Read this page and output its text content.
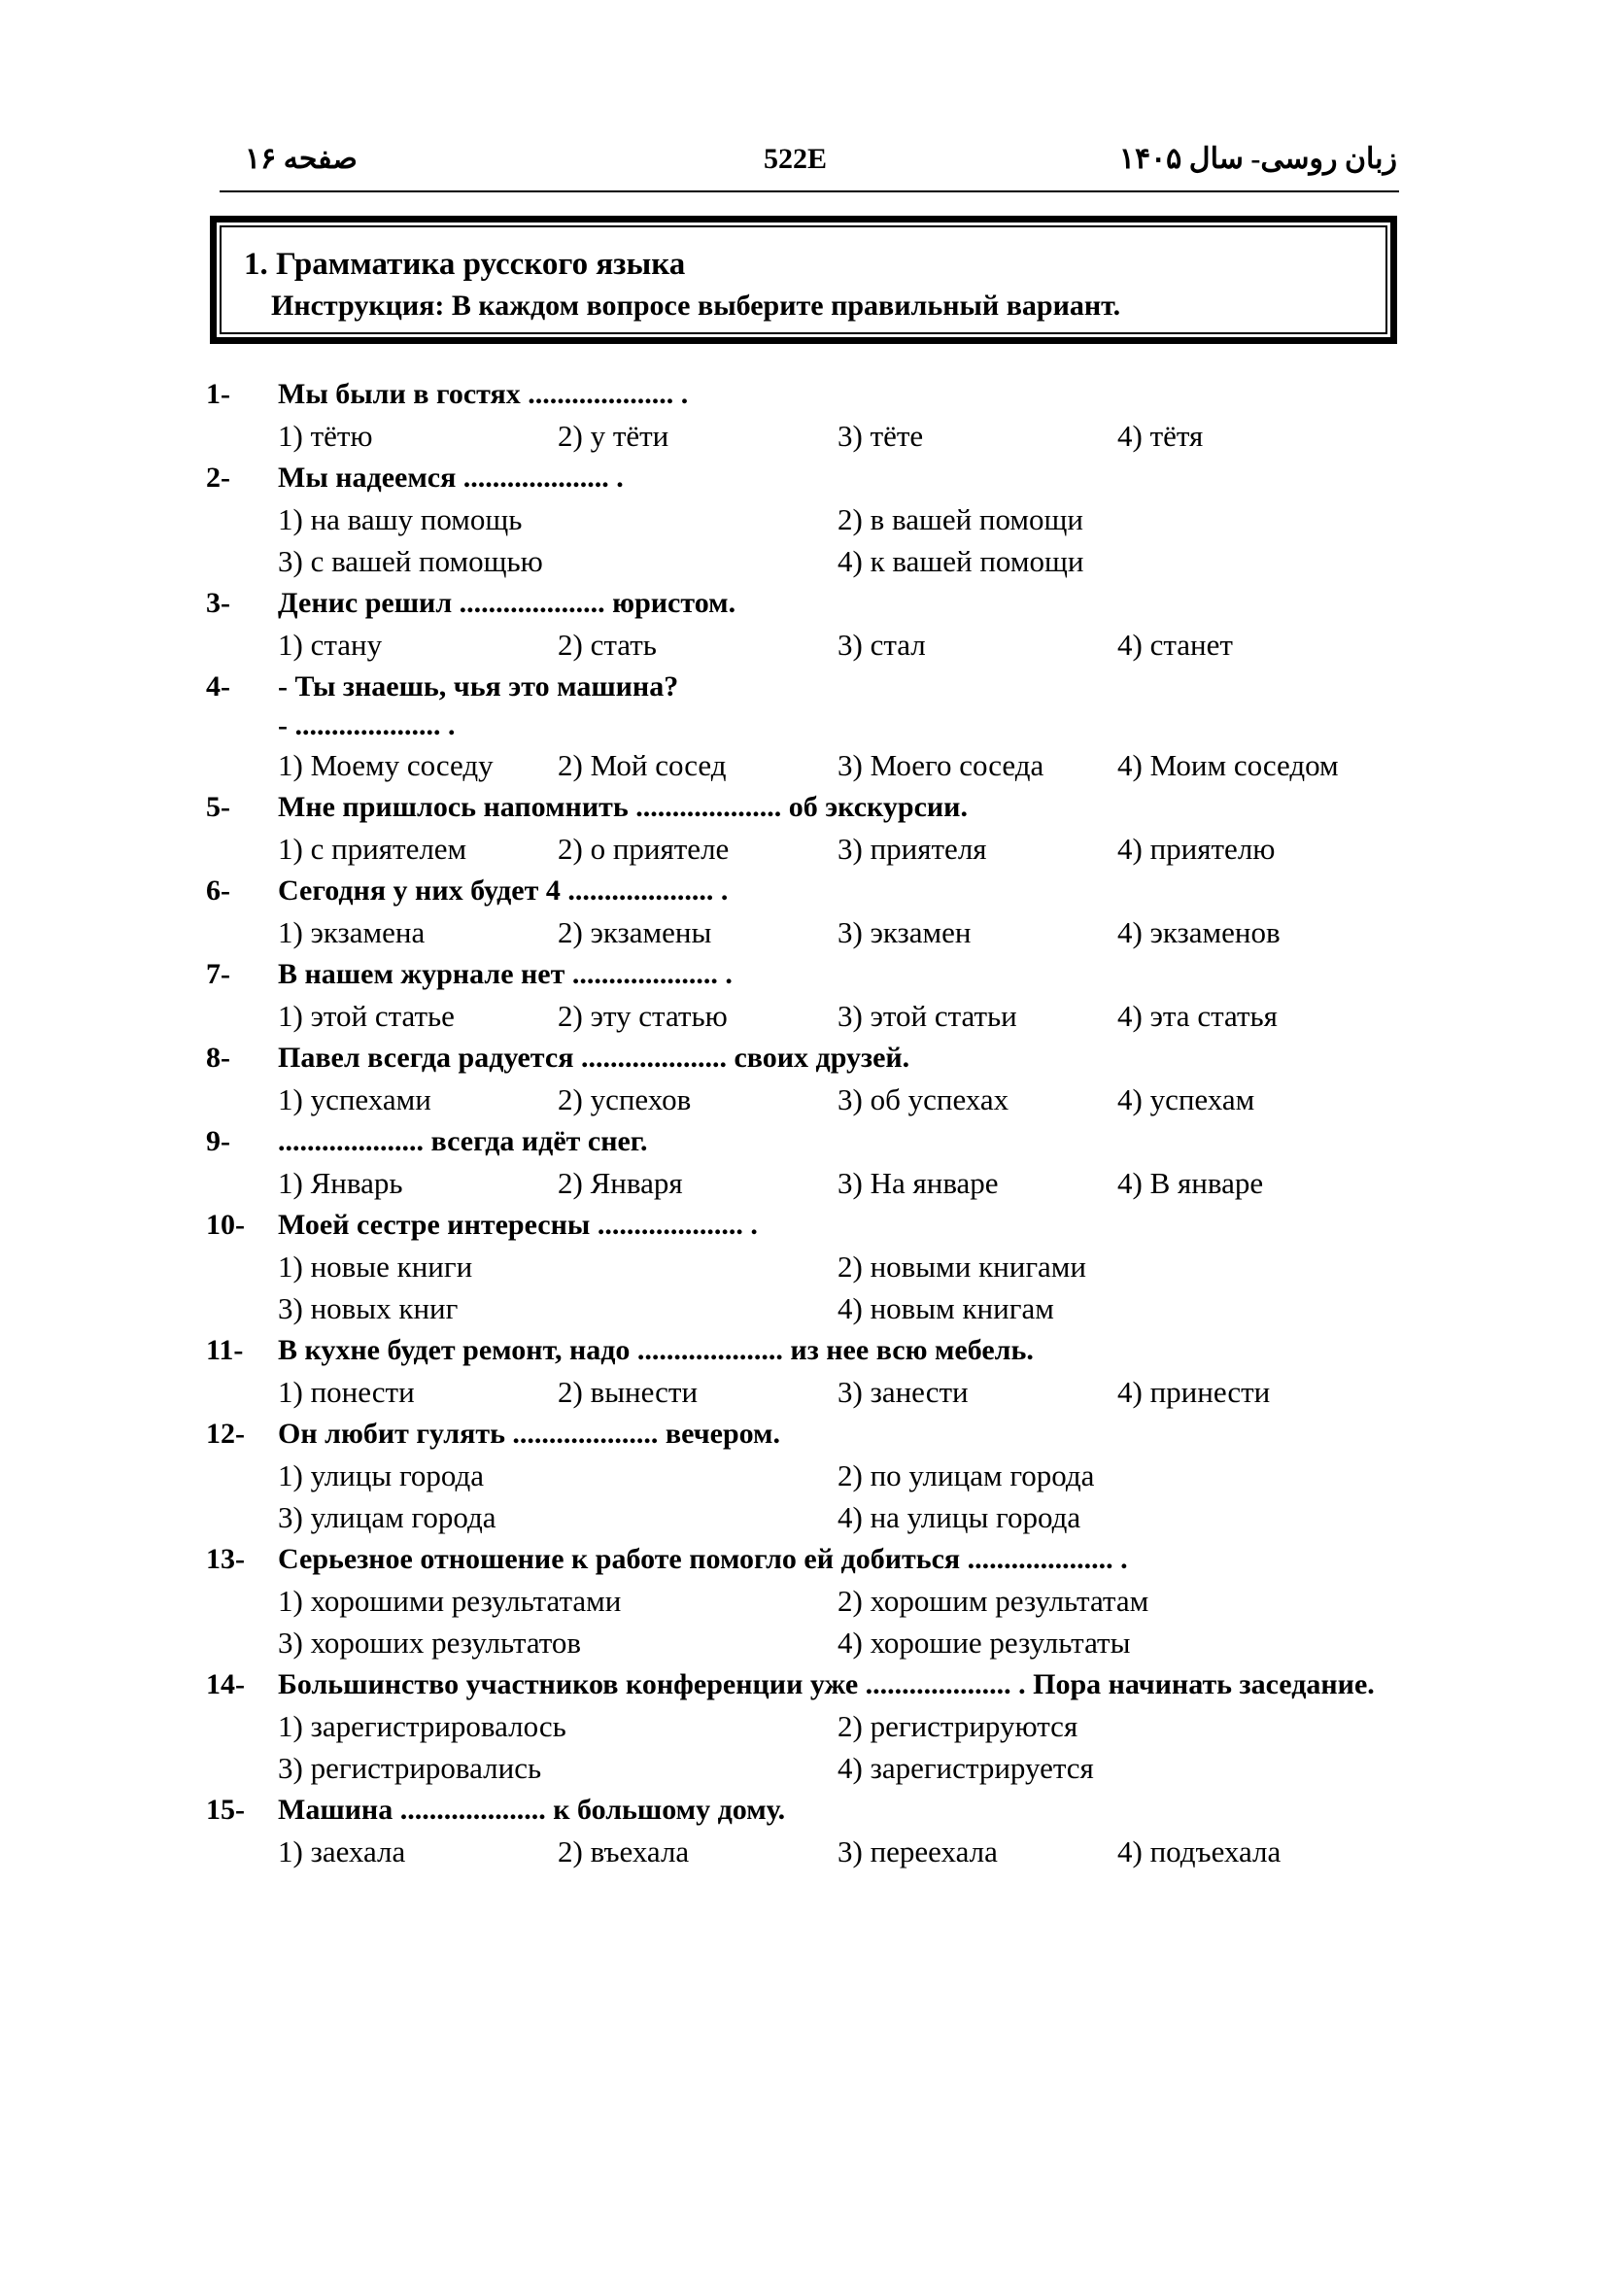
صفحه ۱۶	522E	زبان روسی- سال ۱۴۰۵
1. Грамматика русского языка
Инструкция: В каждом вопросе выберите правильный вариант.
1- Мы были в гостях .................... .
1) тётю	2) у тёти	3) тёте	4) тётя
2- Мы надеемся .................... .
1) на вашу помощь	2) в вашей помощи
3) с вашей помощью	4) к вашей помощи
3- Денис решил .................... юристом.
1) стану	2) стать	3) стал	4) станет
4- - Ты знаешь, чья это машина?
- .................... .
1) Моему соседу	2) Мой сосед	3) Моего соседа	4) Моим соседом
5- Мне пришлось напомнить .................... об экскурсии.
1) с приятелем	2) о приятеле	3) приятеля	4) приятелю
6- Сегодня у них будет 4 .................... .
1) экзамена	2) экзамены	3) экзамен	4) экзаменов
7- В нашем журнале нет .................... .
1) этой статье	2) эту статью	3) этой статьи	4) эта статья
8- Павел всегда радуется .................... своих друзей.
1) успехами	2) успехов	3) об успехах	4) успехам
9- .................... всегда идёт снег.
1) Январь	2) Января	3) На январе	4) В январе
10- Моей сестре интересны .................... .
1) новые книги	2) новыми книгами
3) новых книг	4) новым книгам
11- В кухне будет ремонт, надо .................... из нее всю мебель.
1) понести	2) вынести	3) занести	4) принести
12- Он любит гулять .................... вечером.
1) улицы города	2) по улицам города
3) улицам города	4) на улицы города
13- Серьезное отношение к работе помогло ей добиться .................... .
1) хорошими результатами	2) хорошим результатам
3) хороших результатов	4) хорошие результаты
14- Большинство участников конференции уже .................... . Пора начинать заседание.
1) зарегистрировалось	2) регистрируются
3) регистрировались	4) зарегистрируется
15- Машина .................... к большому дому.
1) заехала	2) въехала	3) переехала	4) подъехала
